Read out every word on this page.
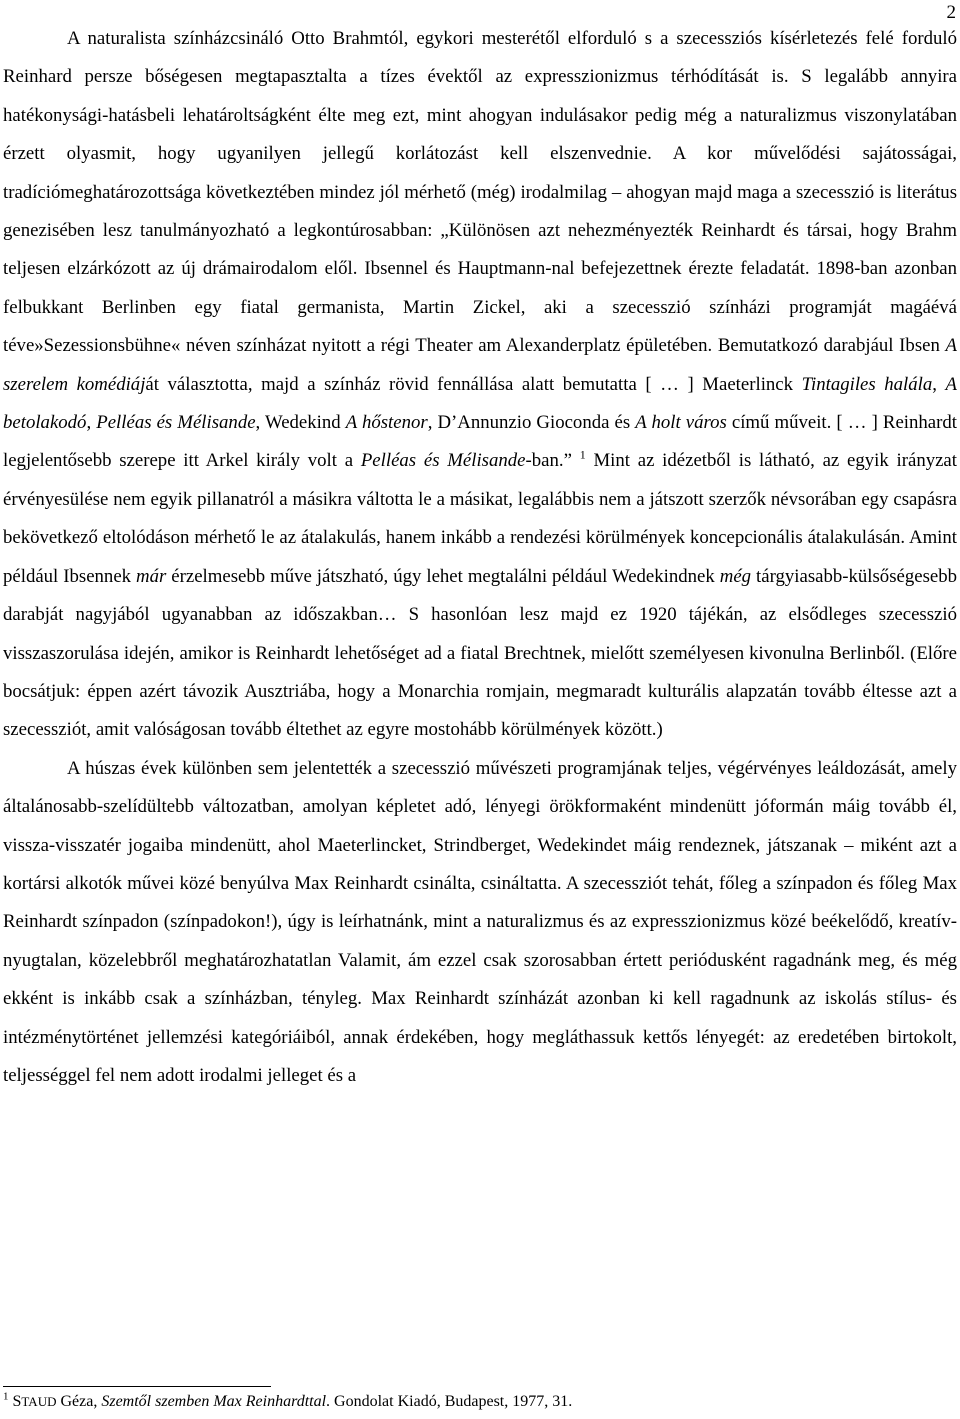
2

A naturalista színházcsináló Otto Brahmtól, egykori mesterétől elforduló s a szecessziós kísérletezés felé forduló Reinhard persze bőségesen megtapasztalta a tízes évektől az expresszionizmus térhódítását is. S legalább annyira hatékonysági-hatásbeli lehatároltságként élte meg ezt, mint ahogyan indulásakor pedig még a naturalizmus viszonylatában érzett olyasmit, hogy ugyanilyen jellegű korlátozást kell elszenvednie. A kor művelődési sajátosságai, tradíciómeghatározottsága következtében mindez jól mérhető (még) irodalmilag – ahogyan majd maga a szecesszió is literátus genezisében lesz tanulmányozható a legkontúrosabban: „Különösen azt nehezményezték Reinhardt és társai, hogy Brahm teljesen elzárkózott az új drámairodalom elől. Ibsennel és Hauptmann-nal befejezettnek érezte feladatát. 1898-ban azonban felbukkant Berlinben egy fiatal germanista, Martin Zickel, aki a szecesszió színházi programját magáévá téve»Sezessionsbühne« néven színházat nyitott a régi Theater am Alexanderplatz épületében. Bemutatkozó darabjául Ibsen A szerelem komédiáját választotta, majd a színház rövid fennállása alatt bemutatta [ … ] Maeterlinck Tintagiles halála, A betolakodó, Pelléas és Mélisande, Wedekind A hőstenor, D’Annunzio Gioconda és A holt város című műveit. [ … ] Reinhardt legjelentősebb szerepe itt Arkel király volt a Pelléas és Mélisande-ban.” $^1$ Mint az idézetből is látható, az egyik irányzat érvényesülése nem egyik pillanatról a másikra váltotta le a másikat, legalábbis nem a játszott szerzők névsorában egy csapásra bekövetkező eltolódáson mérhető le az átalakulás, hanem inkább a rendezési körülmények koncepcionális átalakulásán. Amint például Ibsennek már érzelmesebb műve játszható, úgy lehet megtalálni például Wedekindnek még tárgyiasabb-külsőségesebb darabját nagyjából ugyanabban az időszakban… S hasonlóan lesz majd ez 1920 tájékán, az elsődleges szecesszió visszaszorulása idején, amikor is Reinhardt lehetőséget ad a fiatal Brechtnek, mielőtt személyesen kivonulna Berlinből. (Előre bocsátjuk: éppen azért távozik Ausztriába, hogy a Monarchia romjain, megmaradt kulturális alapzatán tovább éltesse azt a szecessziót, amit valóságosan tovább éltethet az egyre mostohább körülmények között.)

A húszas évek különben sem jelentették a szecesszió művészeti programjának teljes, végérvényes leáldozását, amely általánosabb-szelídültebb változatban, amolyan képletet adó, lényegi örökformaként mindenütt jóformán máig tovább él, vissza-visszatér jogaiba mindenütt, ahol Maeterlincket, Strindberget, Wedekindet máig rendeznek, játszanak – miként azt a kortársi alkotók művei közé benyúlva Max Reinhardt csinálta, csináltatta. A szecessziót tehát, főleg a színpadon és főleg Max Reinhardt színpadon (színpadokon!), úgy is leírhatnánk, mint a naturalizmus és az expresszionizmus közé beékelődő, kreatív-nyugtalan, közelebbről meghatározhatatlan Valamit, ám ezzel csak szorosabban értett periódusként ragadnánk meg, és még ekként is inkább csak a színházban, tényleg. Max Reinhardt színházát azonban ki kell ragadnunk az iskolás stílus- és intézménytörténet jellemzési kategóriáiból, annak érdekében, hogy megláthassuk kettős lényegét: az eredetében birtokolt, teljességgel fel nem adott irodalmi jelleget és a

$^1$ STAUD Géza, Szemtől szemben Max Reinhardttal. Gondolat Kiadó, Budapest, 1977, 31.
